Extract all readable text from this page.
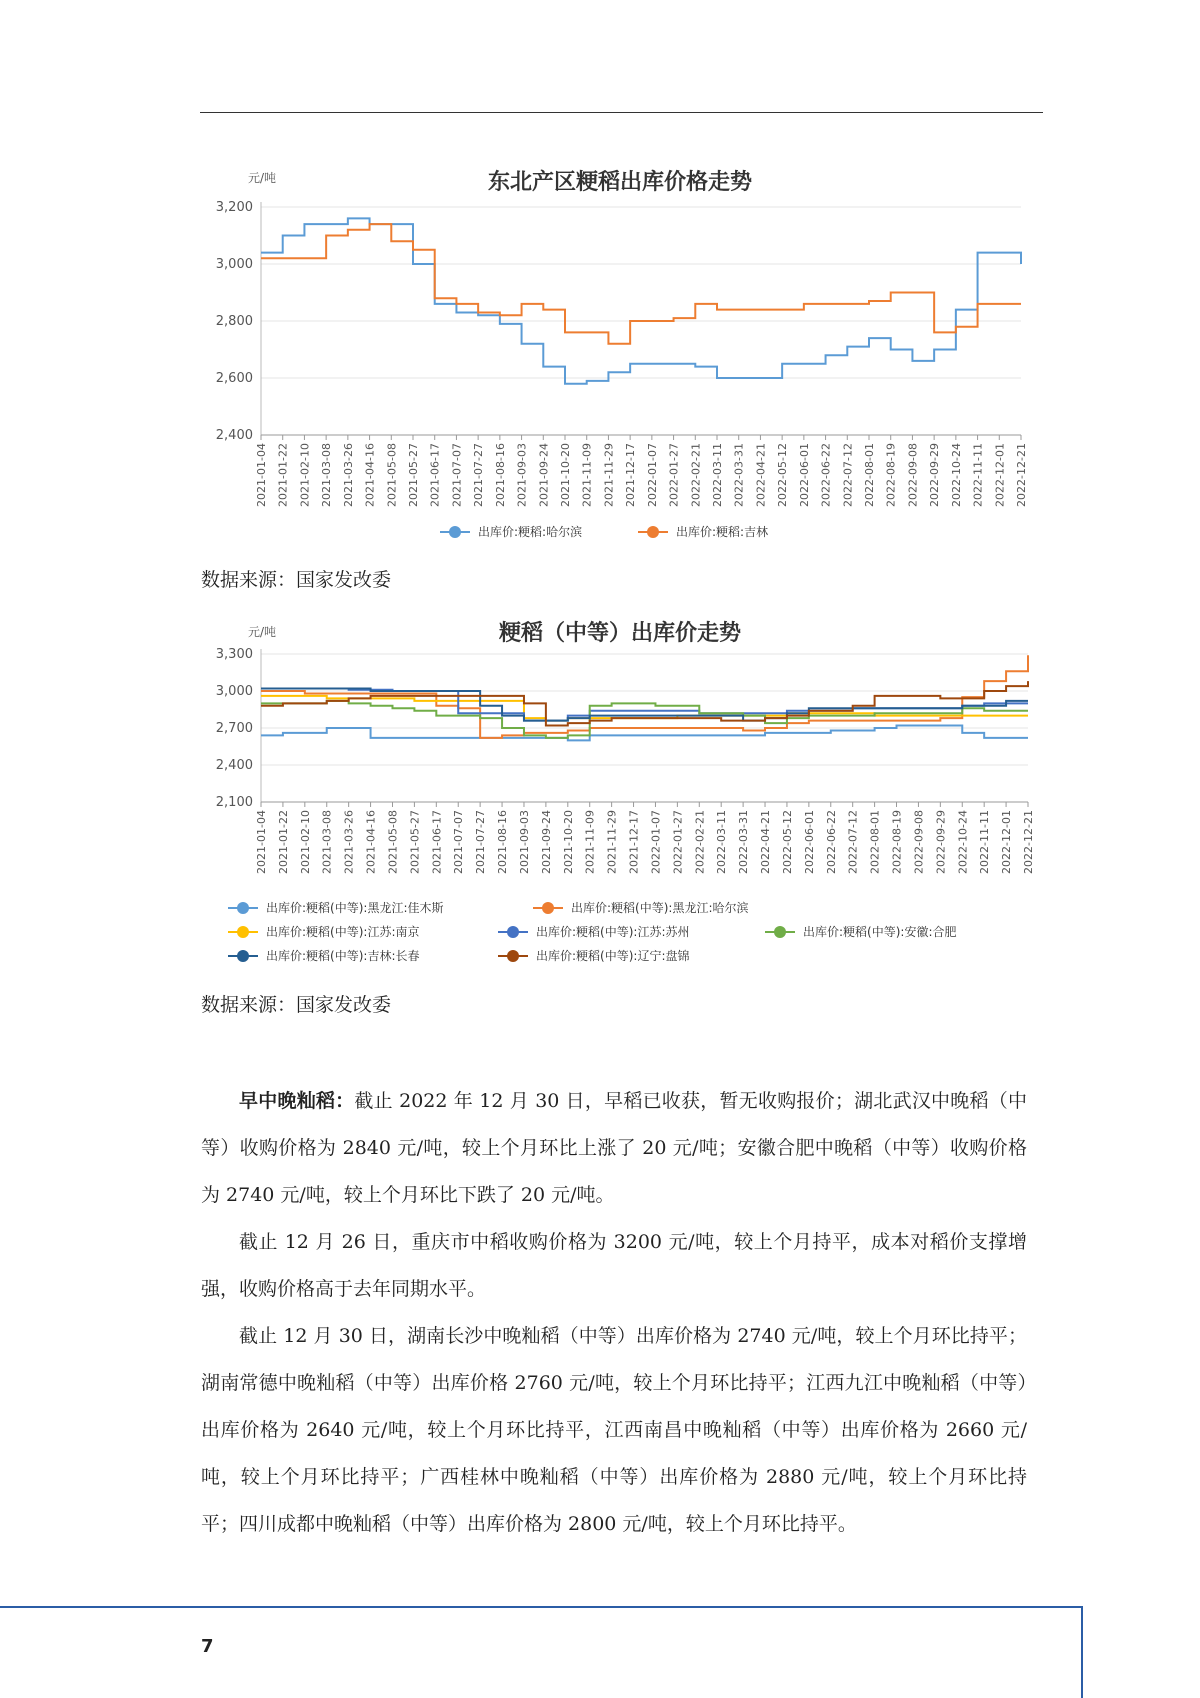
东北产区粳稻出库价格走势
元/吨
3,200
3,000
2,800
2,600
2,400
2021-01-04 2021-01-22 2021-02-10 2021-03-08 2021-03-26 2021-04-16 2021-05-08 2021-05-27 2021-06-17 2021-07-07 2021-07-27 2021-08-16 2021-09-03 2021-09-24 2021-10-20 2021-11-09 2021-11-29 2021-12-17 2022-01-07 2022-01-27 2022-02-21 2022-03-11 2022-03-31 2022-04-21 2022-05-12 2022-06-01 2022-06-22 2022-07-12 2022-08-01 2022-08-19 2022-09-08 2022-09-29 2022-10-24 2022-11-11 2022-12-01 2022-12-21
出库价:粳稻:哈尔滨	出库价:粳稻:吉林
数据来源：国家发改委
粳稻（中等）出库价走势
元/吨
3,300
3,000
2,700
2,400
2,100
2021-01-04 2021-01-22 2021-02-10 2021-03-08 2021-03-26 2021-04-16 2021-05-08 2021-05-27 2021-06-17 2021-07-07 2021-07-27 2021-08-16 2021-09-03 2021-09-24 2021-10-20 2021-11-09 2021-11-29 2021-12-17 2022-01-07 2022-01-27 2022-02-21 2022-03-11 2022-03-31 2022-04-21 2022-05-12 2022-06-01 2022-06-22 2022-07-12 2022-08-01 2022-08-19 2022-09-08 2022-09-29 2022-10-24 2022-11-11 2022-12-01 2022-12-21
出库价:粳稻(中等):黑龙江:佳木斯	出库价:粳稻(中等):黑龙江:哈尔滨
出库价:粳稻(中等):江苏:南京	出库价:粳稻(中等):江苏:苏州	出库价:粳稻(中等):安徽:合肥
出库价:粳稻(中等):吉林:长春	出库价:粳稻(中等):辽宁:盘锦
数据来源：国家发改委

早中晚籼稻：截止 2022 年 12 月 30 日，早稻已收获，暂无收购报价；湖北武汉中晚稻（中等）收购价格为 2840 元/吨，较上个月环比上涨了 20 元/吨；安徽合肥中晚稻（中等）收购价格为 2740 元/吨，较上个月环比下跌了 20 元/吨。

截止 12 月 26 日，重庆市中稻收购价格为 3200 元/吨，较上个月持平，成本对稻价支撑增强，收购价格高于去年同期水平。

截止 12 月 30 日，湖南长沙中晚籼稻（中等）出库价格为 2740 元/吨，较上个月环比持平；湖南常德中晚籼稻（中等）出库价格 2760 元/吨，较上个月环比持平；江西九江中晚籼稻（中等）出库价格为 2640 元/吨，较上个月环比持平，江西南昌中晚籼稻（中等）出库价格为 2660 元/吨，较上个月环比持平；广西桂林中晚籼稻（中等）出库价格为 2880 元/吨，较上个月环比持平；四川成都中晚籼稻（中等）出库价格为 2800 元/吨，较上个月环比持平。

7
